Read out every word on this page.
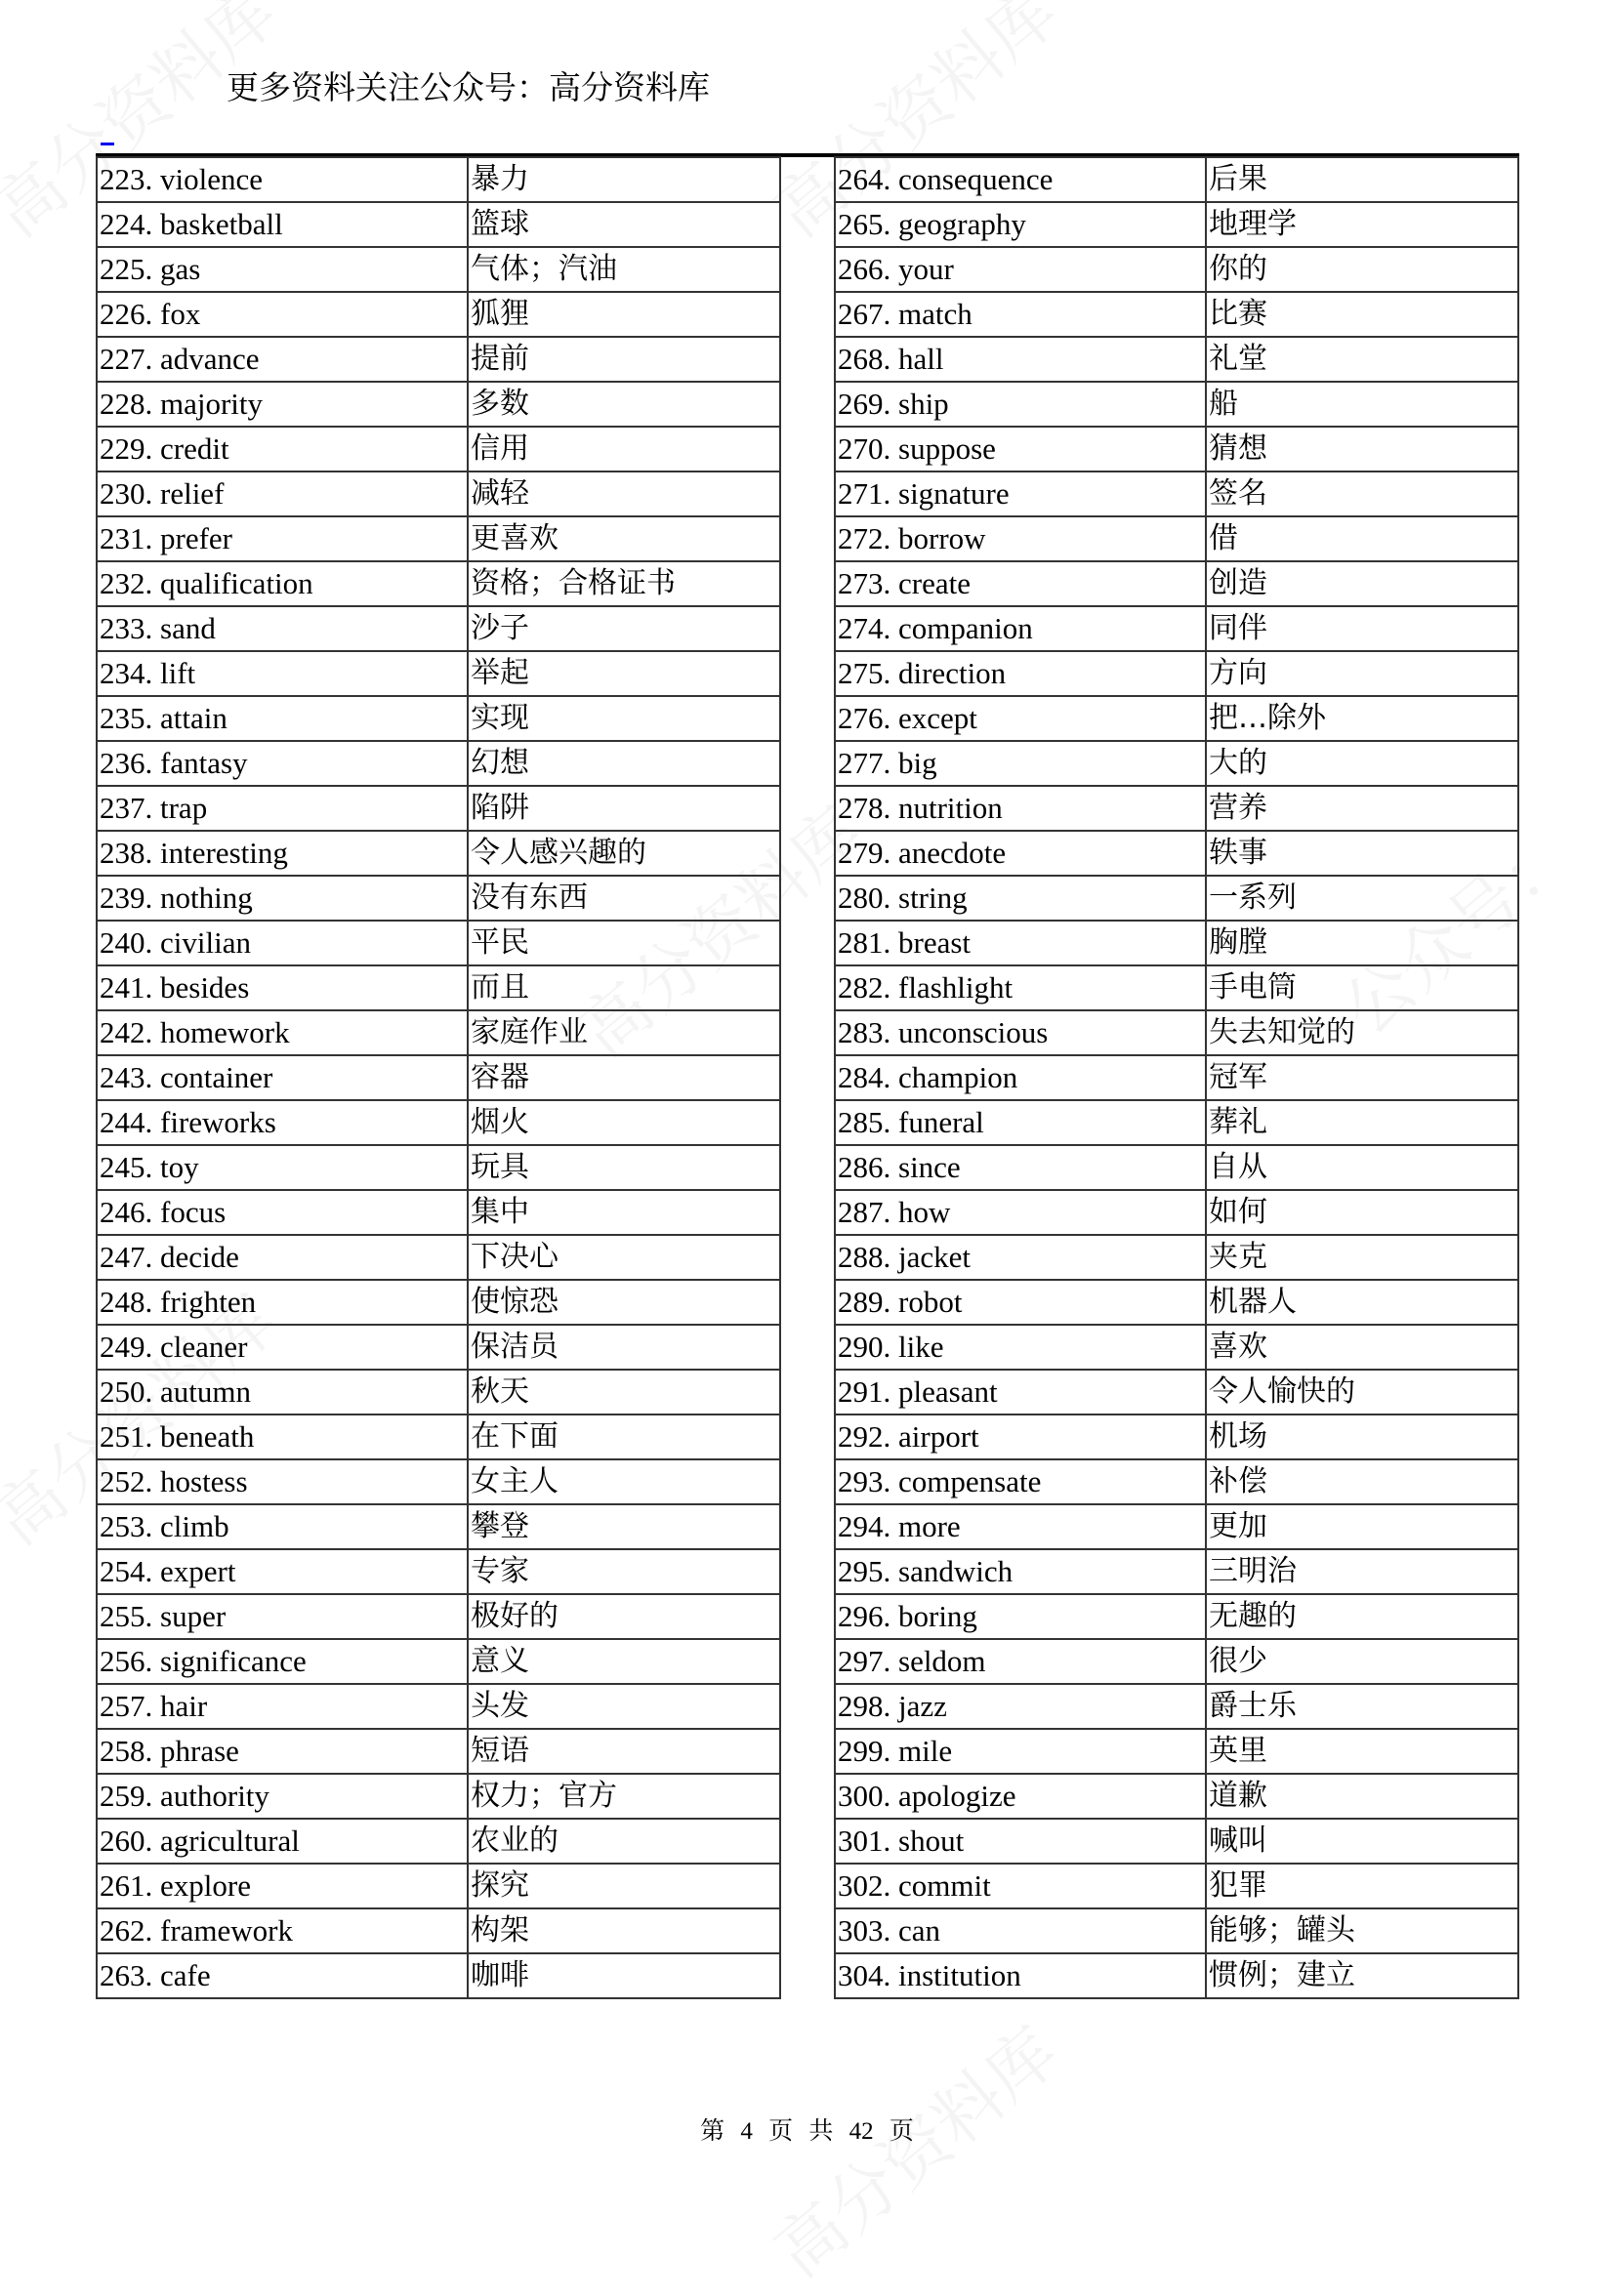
更多资料关注公众号：高分资料库
223. violence	暴力
224. basketball	篮球
225. gas	气体；汽油
226. fox	狐狸
227. advance	提前
228. majority	多数
229. credit	信用
230. relief	减轻
231. prefer	更喜欢
232. qualification	资格；合格证书
233. sand	沙子
234. lift	举起
235. attain	实现
236. fantasy	幻想
237. trap	陷阱
238. interesting	令人感兴趣的
239. nothing	没有东西
240. civilian	平民
241. besides	而且
242. homework	家庭作业
243. container	容器
244. fireworks	烟火
245. toy	玩具
246. focus	集中
247. decide	下决心
248. frighten	使惊恐
249. cleaner	保洁员
250. autumn	秋天
251. beneath	在下面
252. hostess	女主人
253. climb	攀登
254. expert	专家
255. super	极好的
256. significance	意义
257. hair	头发
258. phrase	短语
259. authority	权力；官方
260. agricultural	农业的
261. explore	探究
262. framework	构架
263. cafe	咖啡
264. consequence	后果
265. geography	地理学
266. your	你的
267. match	比赛
268. hall	礼堂
269. ship	船
270. suppose	猜想
271. signature	签名
272. borrow	借
273. create	创造
274. companion	同伴
275. direction	方向
276. except	把…除外
277. big	大的
278. nutrition	营养
279. anecdote	轶事
280. string	一系列
281. breast	胸膛
282. flashlight	手电筒
283. unconscious	失去知觉的
284. champion	冠军
285. funeral	葬礼
286. since	自从
287. how	如何
288. jacket	夹克
289. robot	机器人
290. like	喜欢
291. pleasant	令人愉快的
292. airport	机场
293. compensate	补偿
294. more	更加
295. sandwich	三明治
296. boring	无趣的
297. seldom	很少
298. jazz	爵士乐
299. mile	英里
300. apologize	道歉
301. shout	喊叫
302. commit	犯罪
303. can	能够；罐头
304. institution	惯例；建立
第 4 页 共 42 页
